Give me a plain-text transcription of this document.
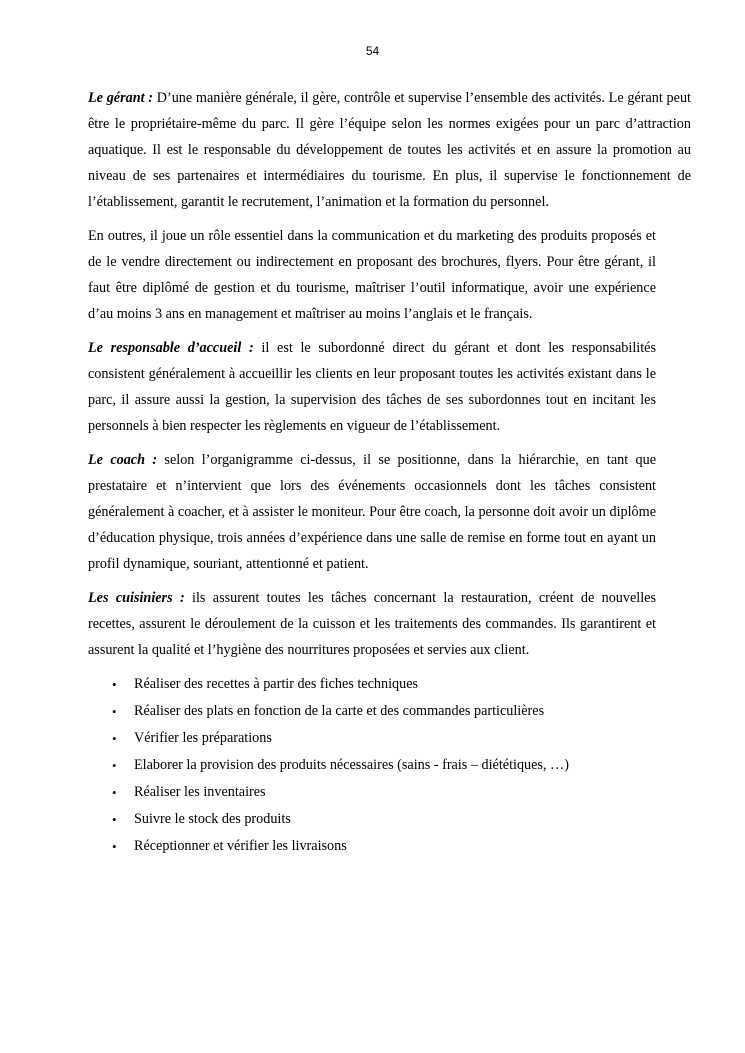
54

Le gérant : D’une manière générale, il gère, contrôle et supervise l’ensemble des activités. Le gérant peut être le propriétaire-même du parc. Il gère l’équipe selon les normes exigées pour un parc d’attraction aquatique. Il est le responsable du développement de toutes les activités et en assure la promotion au niveau de ses partenaires et intermédiaires du tourisme. En plus, il supervise le fonctionnement de l’établissement, garantit le recrutement, l’animation et la formation du personnel.

En outres, il joue un rôle essentiel dans la communication et du marketing des produits proposés et de le vendre directement ou indirectement en proposant des brochures, flyers. Pour être gérant, il faut être diplômé de gestion et du tourisme, maîtriser l’outil informatique, avoir une expérience d’au moins 3 ans en management et maîtriser au moins l’anglais et le français.

Le responsable d’accueil : il est le subordonné direct du gérant et dont les responsabilités consistent généralement à accueillir les clients en leur proposant toutes les activités existant dans le parc, il assure aussi la gestion, la supervision des tâches de ses subordonnes tout en incitant les personnels à bien respecter les règlements en vigueur de l’établissement.

Le coach : selon l’organigramme ci-dessus, il se positionne, dans la hiérarchie, en tant que prestataire et n’intervient que lors des événements occasionnels dont les tâches consistent généralement à coacher, et à assister le moniteur. Pour être coach, la personne doit avoir un diplôme d’éducation physique, trois années d’expérience dans une salle de remise en forme tout en ayant un profil dynamique, souriant, attentionné et patient.

Les cuisiniers : ils assurent toutes les tâches concernant la restauration, créent de nouvelles recettes, assurent le déroulement de la cuisson et les traitements des commandes. Ils garantirent et assurent la qualité et l’hygiène des nourritures proposées et servies aux client.

• Réaliser des recettes à partir des fiches techniques
• Réaliser des plats en fonction de la carte et des commandes particulières
• Vérifier les préparations
• Elaborer la provision des produits nécessaires (sains - frais – diététiques, …)
• Réaliser les inventaires
• Suivre le stock des produits
• Réceptionner et vérifier les livraisons
